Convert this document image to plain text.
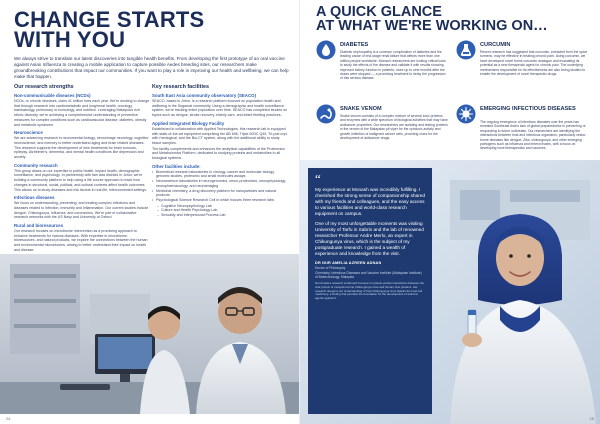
CHANGE STARTS
WITH YOU

We always strive to translate our latest discoveries into tangible health benefits. From developing the first prototype of an oral vaccine against Asian Influenza to creating a mobile application to capture possible Aedes breeding sites, our researchers make groundbreaking contributions that impact our communities. If you want to play a role in improving our health and wellbeing, we can help make that happen.

Our research strengths
Non-communicable diseases (NCDs)

NCDs, or chronic diseases, claim 41 million lives each year. We're working to change that through research into cardiometabolic and lung/renal health, oncology, haematology, pulmonary or toxicology, and nutrition. Leveraging Malaysia's rich ethnic diversity, we're achieving a comprehensive understanding of preventive measures for complex conditions such as cardiovascular disease, diabetes, obesity and metabolic syndrome.

Neuroscience

We are advancing research in neuromental biology, neuroimage neurology, cognitive neuroscience, and memory to better understand aging and brain related diseases. This research supports the development of new treatments for brain tumours, epilepsy, Alzheimer's, dementia, and mental health conditions like depression and anxiety.

Community research

This group draws on our expertise in public health, impact health, demographic surveillance, and psychology. In partnership with fam ada districts in Johor, we're building a community platform to help using a life course approach to track how changes in structural, social, political, and cultural contexts affect health outcomes. This allows us to study diseases and risk factors in real life, interconnected settings.

Infectious diseases

We focus on understanding, preventing, and treating complex infections and diseases related to infection, immunity and inflammation. Our current studies include dengue, Chikungunya, influenza, and coronavirus. We're part of collaborative research networks with the US Navy and University of Oxford.

Rural and bioresources

Our research focuses on microbiome intervention as a promising approach to enhance treatments for various diseases. With expertise in microbiome, bioresources, and natural products, we explore the connections between the human and environmental microbiomes, aiming to better understand their impact on health and disease.

Key research facilities
South East Asia community observatory (SEACO)

SEACO, based in Johor, is a research platform focused on population health and wellbeing in the Segamat community. Using a demographic and health surveillance system, we're tracking entire population over time. SEACO has completed studies on topics such as dengue, stroke recovery, elderly care, and infant feeding practices.

Applied Integrated Biology Facility

Established in collaboration with Applied Technologies, this research lab is equipped with state-of-the-art equipment comprising the AB 696, Triple MXIC Q40, Tri-pod cryo with rheological, and the Bio-CT system, along with the additional ability to study tissue samples.

The facility complements and enhances the analytical capabilities of the Proteomics and Metabolomics Platform, dedicated to studying proteins and metabolites in all biological systems.

Other facilities include:
• Biomedical research laboratories in virology, cancer and molecular biology, genomic studies, proteomic and small molecules assays
• Neuroscience laboratories in neurogenomics, neuro-proteomics, neurophysiology, neuropharmacology, and neuroimaging
• Medicinal chemistry, a drug discovery platform for nanoparticles and natural products
• Psychological Science Research Cell in which houses three research labs:
– Cognitive Neuropsychology Lab
– Culture and Health Psychology Lab
– Sexuality and Interpersonal Process Lab
24
A QUICK GLANCE
AT WHAT WE'RE WORKING ON…
DIABETES

Diabetic nephropathy is a common complication of diabetes and the leading cause of end-stage renal failure that affects more than one million people worldwide. Monash researchers are looking critical tools to study the effects of the disease and validate it with results showing improved kidney function in patients, more up to nine months after the doses were stopped — a promising treatment to delay the progression of this serious disease.

CURCUMIN

Recent research has suggested that curcumin, extracted from the spice turmeric, may be effective in treating chronic pain. Using curcumin, we have developed novel forms curcumin analogue and evaluating its potential as a new therapeutic agent for chronic pain. The underlying mechanisms responsible for its effectiveness are also being studied to enable the development of novel therapeutic drugs.

SNAKE VENOM

Snake venom consists of a complex mixture of several toxic proteins and enzymes with a wide spectrum of biological activities that may have anticancer properties. Our researchers are isolating and testing proteins in the venom of the Malaysian pit viper for the cytotoxic activity and growth inhibition of malignant cancer cells, providing clues for the development of anticancer drugs.

EMERGING INFECTIOUS DISEASES

The ongoing emergence of infectious diseases over the years has revealed Southeast Asia's lack of global preparedness in preventing or responding to future outbreaks. Our researchers are identifying the interactions between host and infectious organisms, particularly vector-borne diseases like dengue, Zika, chikungunya, and other emerging pathogens such as influenza and enteroviruses, with a focus on developing novel therapeutics and vaccines.

“

My experience at Monash was incredibly fulfilling. I cherished the strong sense of companionship shared with my friends and colleagues, and the easy access to various facilities and world-class research equipment on campus.

One of my most unforgettable moments was visiting University of Tarfu in Sabrin and the lab of renowned researcher Professor Andre Merlo, an expert in Chikungunya virus, which is the subject of my postgraduate research. I gained a wealth of experience and knowledge from the visit.

DR NUR AMELIA AZREEN ADNAN
Doctor of Philosophy
Chemistry, Infectious Diseases and Vaccine Institute (Malaysian Institute) of Biotechnology, Malaysia
Nur Amelia's research at Monash focused on protein-protein interactions between the viral protein of mosquito-borne Chikungunya virus and human host proteins. Her research deepens our understanding of how Chikungunya virus hijacks the host cell machinery, a finding that provides the foundation for the development of antiviral agents against it.
25
